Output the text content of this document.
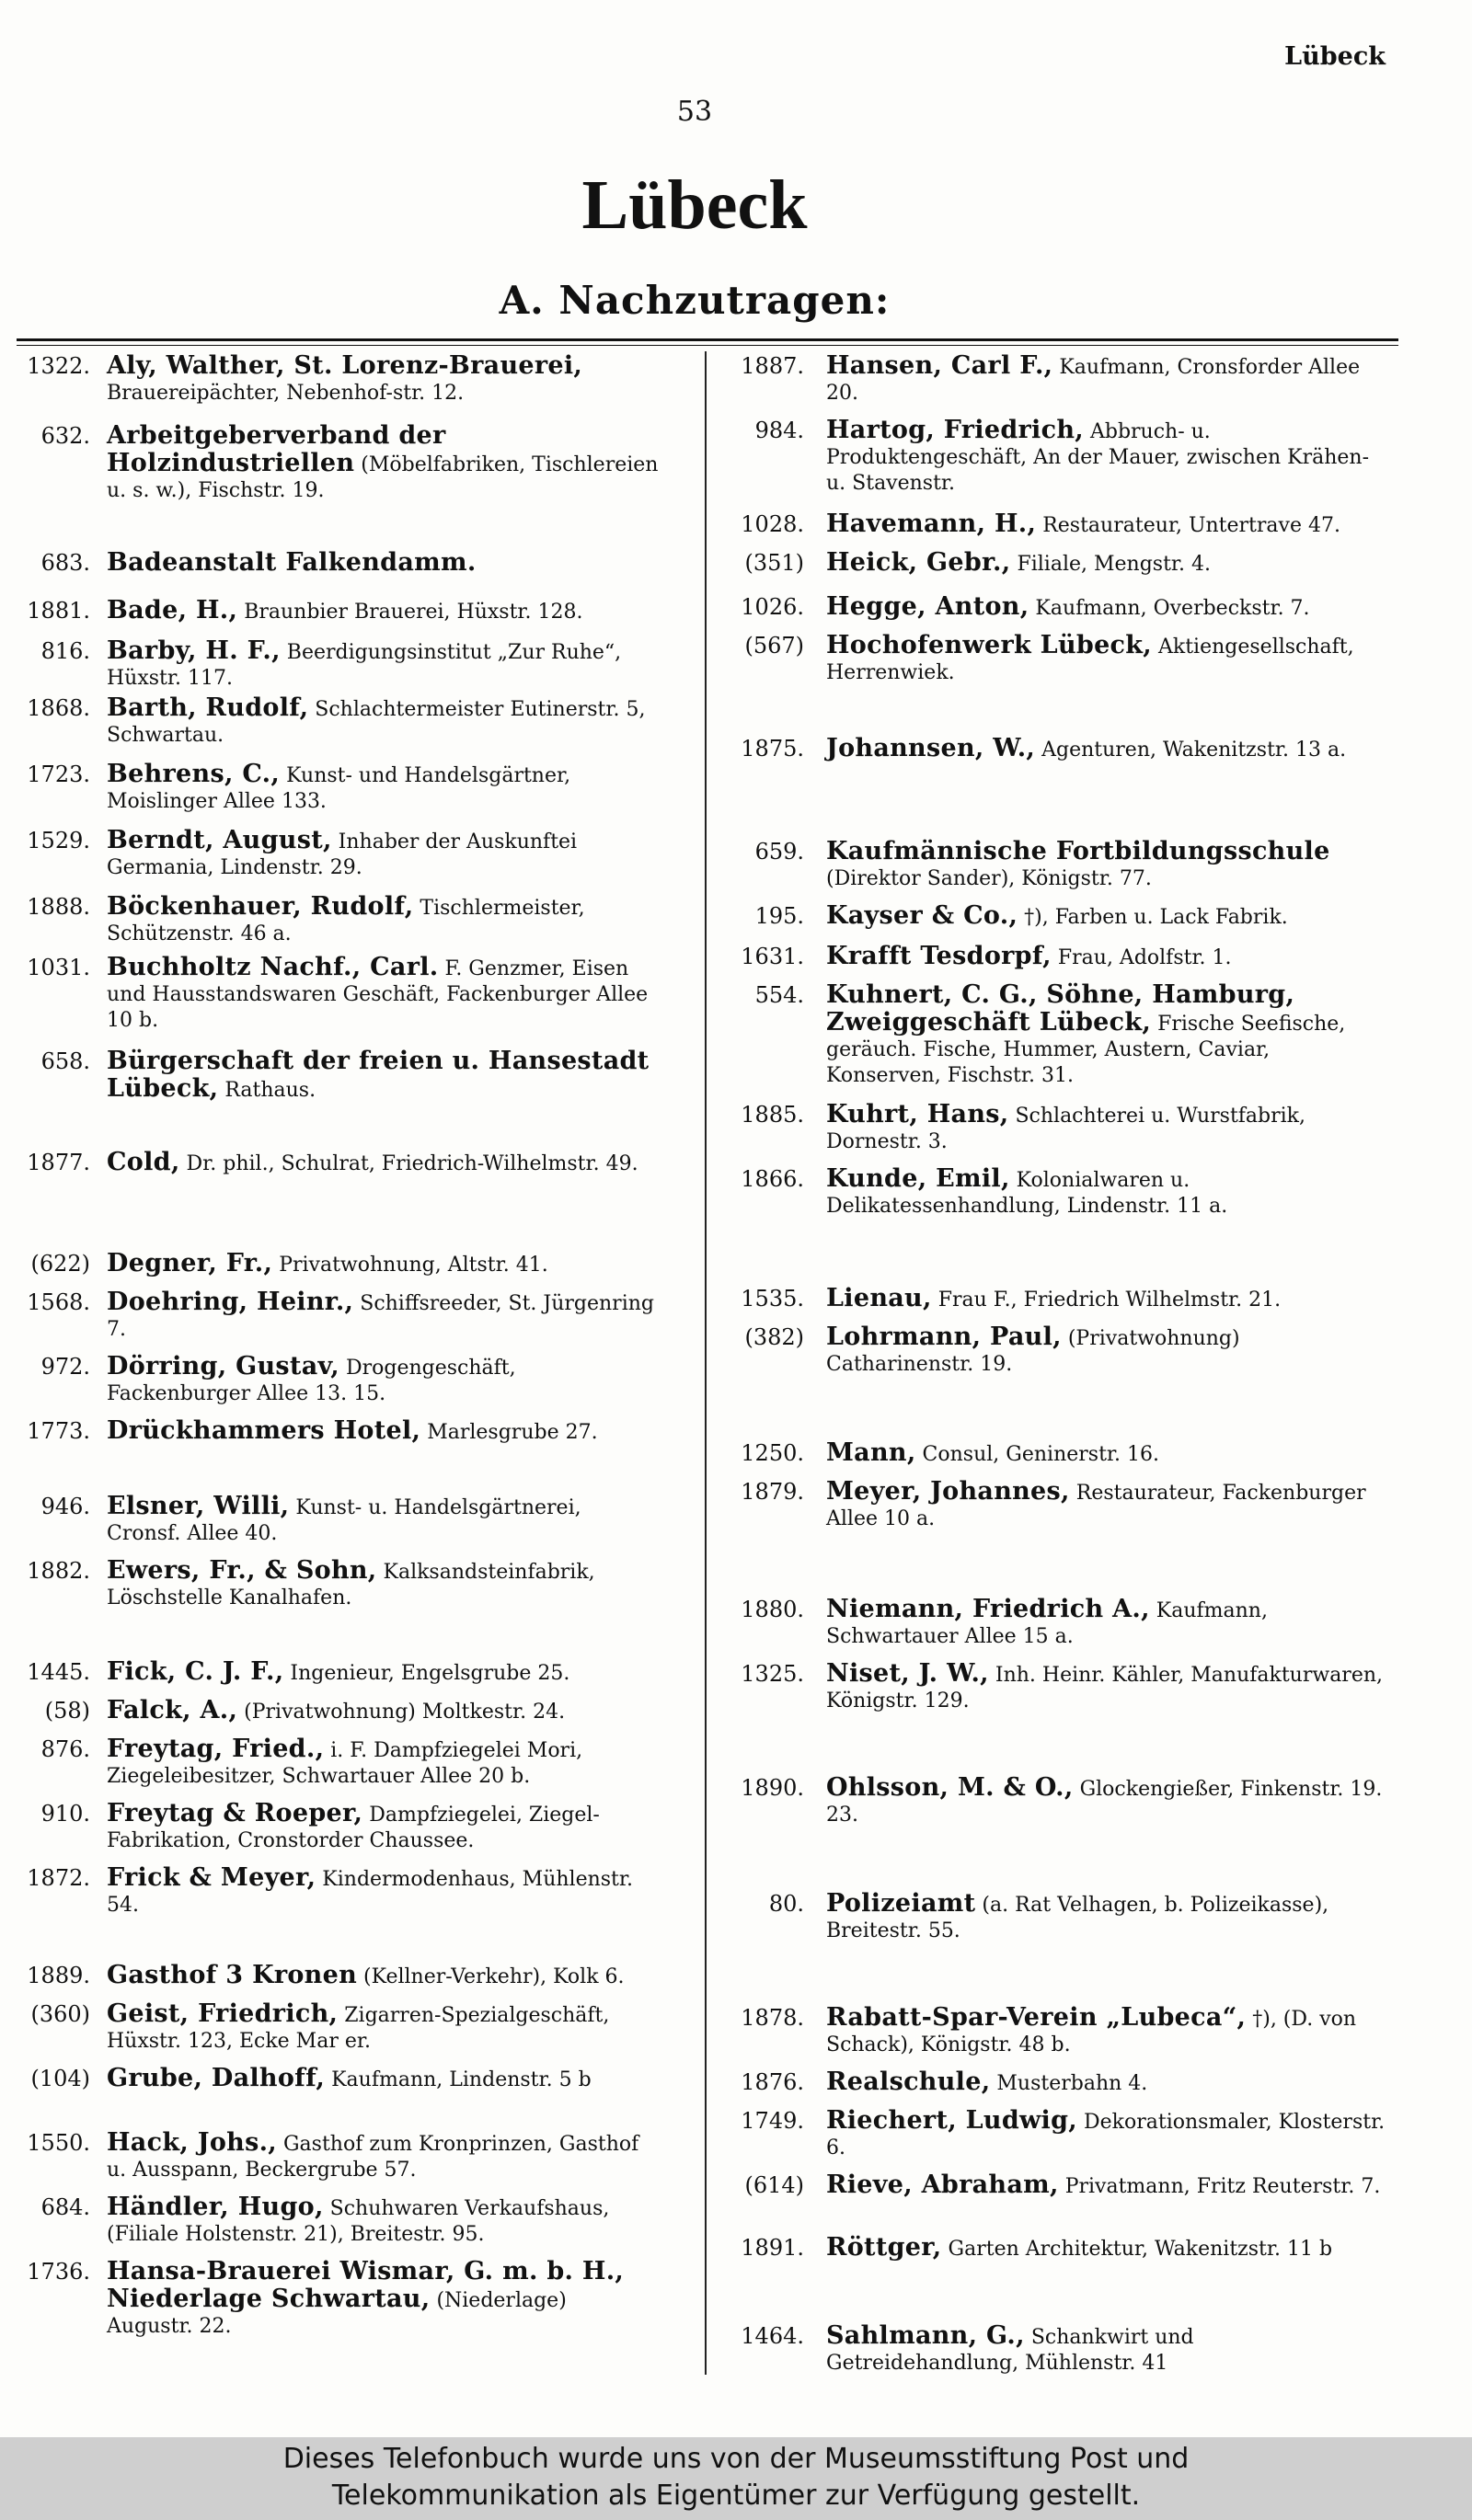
Lübeck
53
Lübeck
A. Nachzutragen:
1322. Aly, Walther, St. Lorenz-Brauerei, Brauereipächter, Nebenhof-str. 12.
632. Arbeitgeberverband der Holzindustriellen (Möbelfabriken, Tischlereien u. s. w.), Fischstr. 19.
683. Badeanstalt Falkendamm.
1881. Bade, H., Braunbier Brauerei, Hüxstr. 128.
816. Barby, H. F., Beerdigungsinstitut „Zur Ruhe“, Hüxstr. 117.
1868. Barth, Rudolf, Schlachtermeister Eutinerstr. 5, Schwartau.
1723. Behrens, C., Kunst- und Handelsgärtner, Moislinger Allee 133.
1529. Berndt, August, Inhaber der Auskunftei Germania, Lindenstr. 29.
1888. Böckenhauer, Rudolf, Tischlermeister, Schützenstr. 46 a.
1031. Buchholtz Nachf., Carl. F. Genzmer, Eisen und Hausstandswaren Geschäft, Fackenburger Allee 10 b.
658. Bürgerschaft der freien u. Hansestadt Lübeck, Rathaus.
1877. Cold, Dr. phil., Schulrat, Friedrich-Wilhelmstr. 49.
(622) Degner, Fr., Privatwohnung, Altstr. 41.
1568. Doehring, Heinr., Schiffsreeder, St. Jürgenring 7.
972. Dörring, Gustav, Drogengeschäft, Fackenburger Allee 13. 15.
1773. Drückhammers Hotel, Marlesgrube 27.
946. Elsner, Willi, Kunst- u. Handelsgärtnerei, Cronsf. Allee 40.
1882. Ewers, Fr., & Sohn, Kalksandsteinfabrik, Löschstelle Kanalhafen.
1445. Fick, C. J. F., Ingenieur, Engelsgrube 25.
(58) Falck, A., (Privatwohnung) Moltkestr. 24.
876. Freytag, Fried., i. F. Dampfziegelei Mori, Ziegeleibesitzer, Schwartauer Allee 20 b.
910. Freytag & Roeper, Dampfziegelei, Ziegel-Fabrikation, Cronstorder Chaussee.
1872. Frick & Meyer, Kindermodenhaus, Mühlenstr. 54.
1889. Gasthof 3 Kronen (Kellner-Verkehr), Kolk 6.
(360) Geist, Friedrich, Zigarren-Spezialgeschäft, Hüxstr. 123, Ecke Mar er.
(104) Grube, Dalhoff, Kaufmann, Lindenstr. 5 b
1550. Hack, Johs., Gasthof zum Kronprinzen, Gasthof u. Ausspann, Beckergrube 57.
684. Händler, Hugo, Schuhwaren Verkaufshaus, (Filiale Holstenstr. 21), Breitestr. 95.
1736. Hansa-Brauerei Wismar, G. m. b. H., Niederlage Schwartau, (Niederlage) Augustr. 22.
1887. Hansen, Carl F., Kaufmann, Cronsforder Allee 20.
984. Hartog, Friedrich, Abbruch- u. Produktengeschäft, An der Mauer, zwischen Krähen- u. Stavenstr.
1028. Havemann, H., Restaurateur, Untertrave 47.
(351) Heick, Gebr., Filiale, Mengstr. 4.
1026. Hegge, Anton, Kaufmann, Overbeckstr. 7.
(567) Hochofenwerk Lübeck, Aktiengesellschaft, Herrenwiek.
1875. Johannsen, W., Agenturen, Wakenitzstr. 13 a.
659. Kaufmännische Fortbildungsschule (Direktor Sander), Königstr. 77.
195. Kayser & Co., †), Farben u. Lack Fabrik.
1631. Krafft Tesdorpf, Frau, Adolfstr. 1.
554. Kuhnert, C. G., Söhne, Hamburg, Zweiggeschäft Lübeck, Frische Seefische, geräuch. Fische, Hummer, Austern, Caviar, Konserven, Fischstr. 31.
1885. Kuhrt, Hans, Schlachterei u. Wurstfabrik, Dornestr. 3.
1866. Kunde, Emil, Kolonialwaren u. Delikatessenhandlung, Lindenstr. 11 a.
1535. Lienau, Frau F., Friedrich Wilhelmstr. 21.
(382) Lohrmann, Paul, (Privatwohnung) Catharinenstr. 19.
1250. Mann, Consul, Geninerstr. 16.
1879. Meyer, Johannes, Restaurateur, Fackenburger Allee 10 a.
1880. Niemann, Friedrich A., Kaufmann, Schwartauer Allee 15 a.
1325. Niset, J. W., Inh. Heinr. Kähler, Manufakturwaren, Königstr. 129.
1890. Ohlsson, M. & O., Glockengießer, Finkenstr. 19. 23.
80. Polizeiamt (a. Rat Velhagen, b. Polizeikasse), Breitestr. 55.
1878. Rabatt-Spar-Verein „Lubeca“, †), (D. von Schack), Königstr. 48 b.
1876. Realschule, Musterbahn 4.
1749. Riechert, Ludwig, Dekorationsmaler, Klosterstr. 6.
(614) Rieve, Abraham, Privatmann, Fritz Reuterstr. 7.
1891. Röttger, Garten Architektur, Wakenitzstr. 11 b
1464. Sahlmann, G., Schankwirt und Getreidehandlung, Mühlenstr. 41
Dieses Telefonbuch wurde uns von der Museumsstiftung Post und
Telekommunikation als Eigentümer zur Verfügung gestellt.
